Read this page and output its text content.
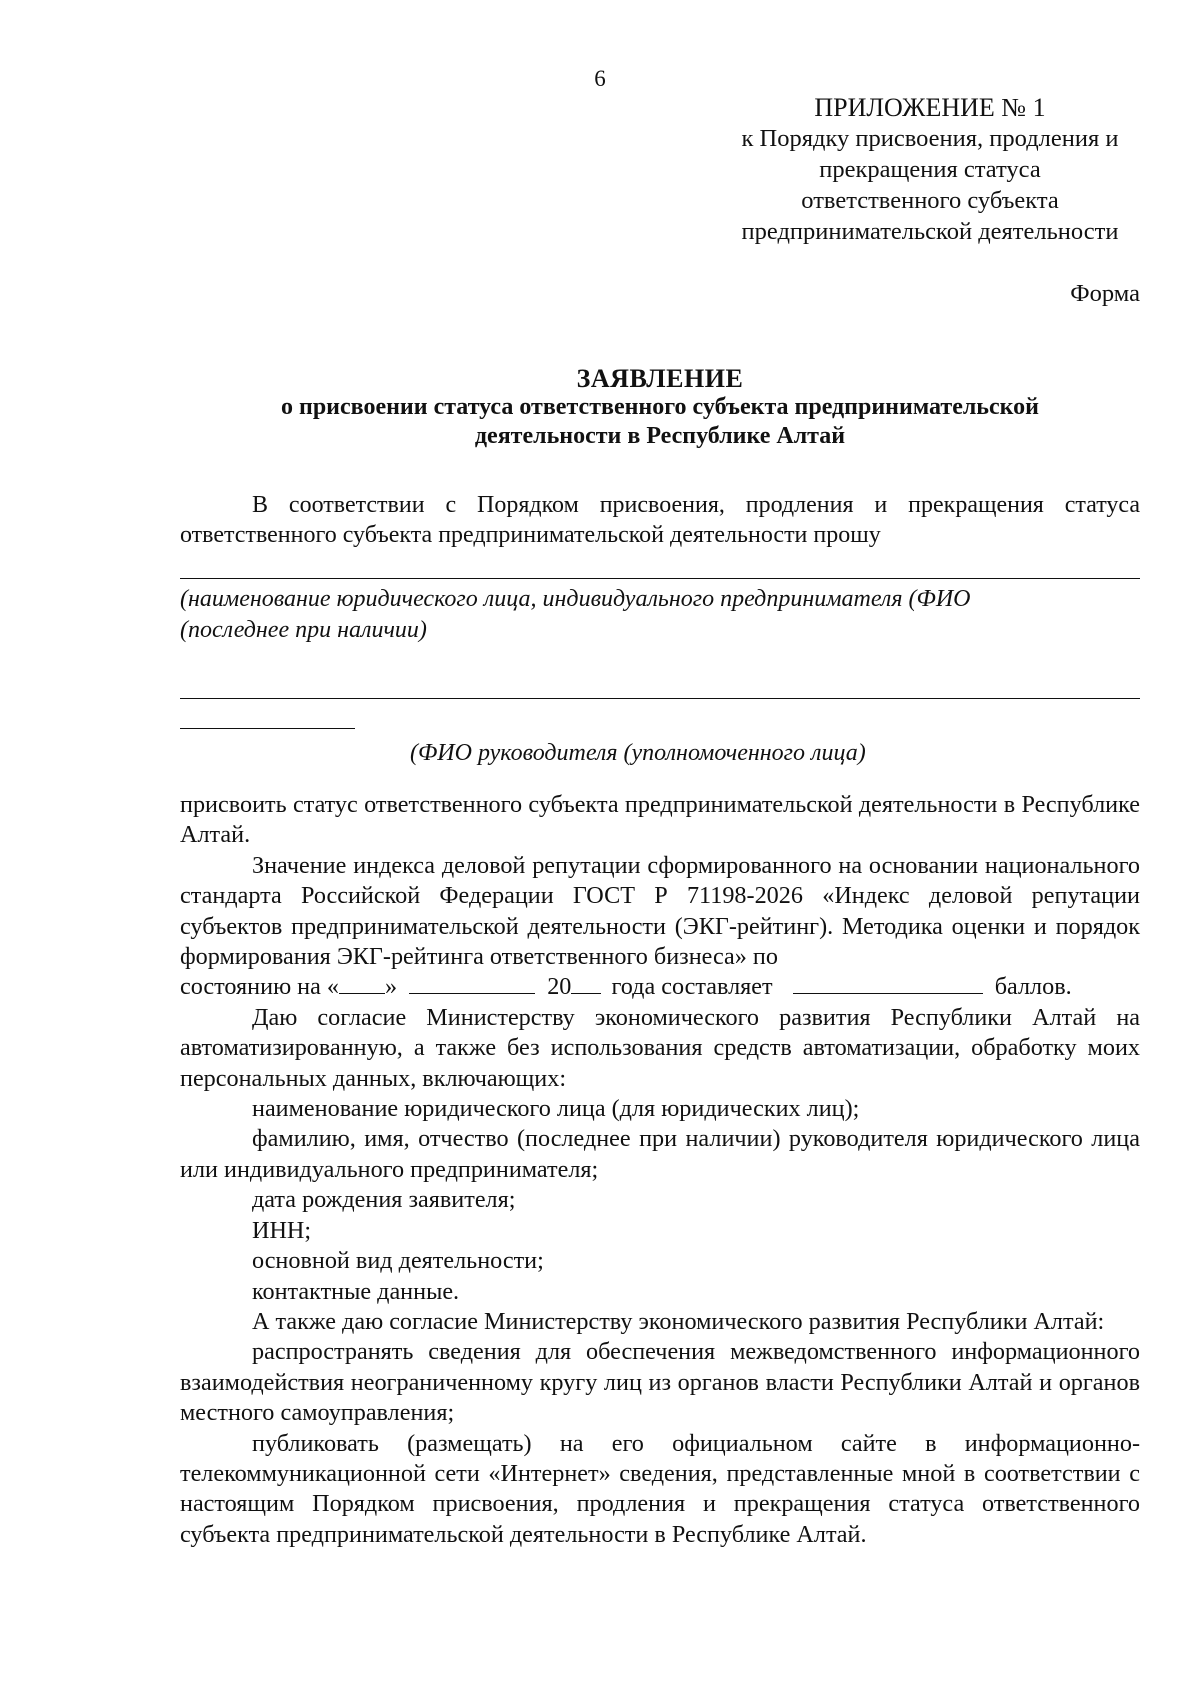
6
ПРИЛОЖЕНИЕ № 1
к Порядку присвоения, продления и
прекращения статуса
ответственного субъекта
предпринимательской деятельности
Форма
ЗАЯВЛЕНИЕ
о присвоении статуса ответственного субъекта предпринимательской
деятельности в Республике Алтай

В соответствии с Порядком присвоения, продления и прекращения статуса ответственного субъекта предпринимательской деятельности прошу

(наименование юридического лица, индивидуального предпринимателя (ФИО (последнее при наличии)
(ФИО руководителя (уполномоченного лица)

присвоить статус ответственного субъекта предпринимательской деятельности в Республике Алтай.

Значение индекса деловой репутации сформированного на основании национального стандарта Российской Федерации ГОСТ Р 71198-2026 «Индекс деловой репутации субъектов предпринимательской деятельности (ЭКГ-рейтинг). Методика оценки и порядок формирования ЭКГ-рейтинга ответственного бизнеса» по

состоянию на « »	20 года составляет	баллов.

Даю согласие Министерству экономического развития Республики Алтай на автоматизированную, а также без использования средств автоматизации, обработку моих персональных данных, включающих:

наименование юридического лица (для юридических лиц);

фамилию, имя, отчество (последнее при наличии) руководителя юридического лица или индивидуального предпринимателя;

дата рождения заявителя;

ИНН;

основной вид деятельности;

контактные данные.

А также даю согласие Министерству экономического развития Республики Алтай:

распространять сведения для обеспечения межведомственного информационного взаимодействия неограниченному кругу лиц из органов власти Республики Алтай и органов местного самоуправления;

публиковать (размещать) на его официальном сайте в информационно-телекоммуникационной сети «Интернет» сведения, представленные мной в соответствии с настоящим Порядком присвоения, продления и прекращения статуса ответственного субъекта предпринимательской деятельности в Республике Алтай.
